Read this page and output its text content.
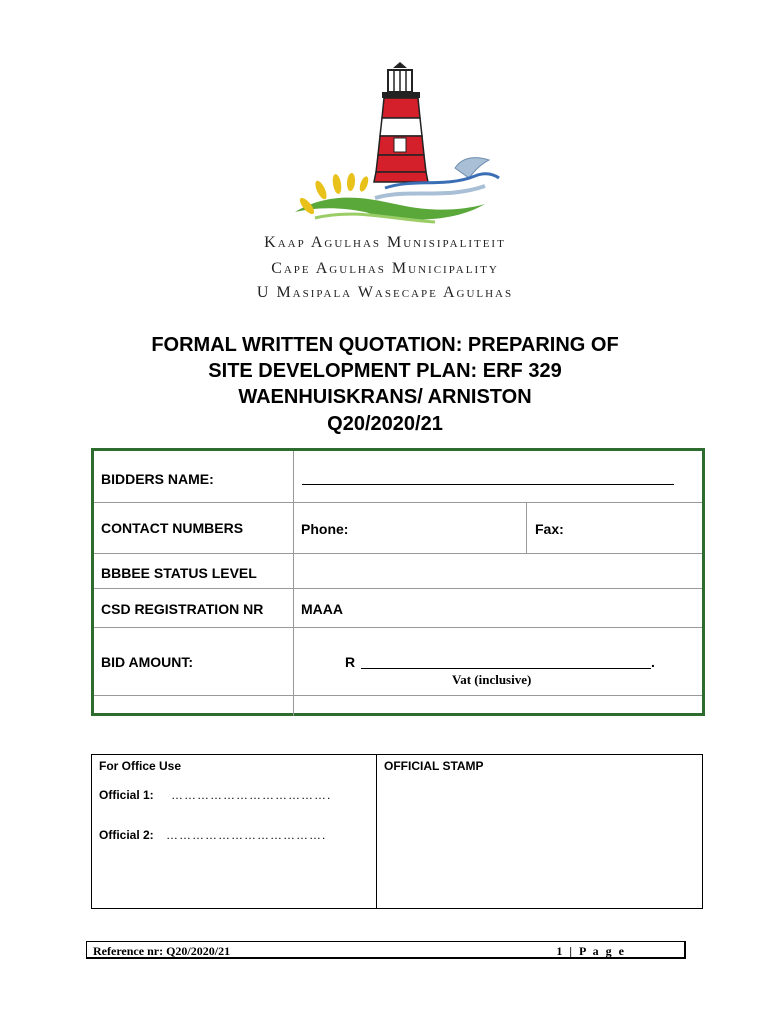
Kaap Agulhas Munisipaliteit
Cape Agulhas Municipality
U Masipala Wasecape Agulhas
FORMAL WRITTEN QUOTATION: PREPARING OF
SITE DEVELOPMENT PLAN: ERF 329
WAENHUISKRANS/ ARNISTON
Q20/2020/21
BIDDERS NAME:
CONTACT NUMBERS	Phone:	Fax:
BBBEE STATUS LEVEL
CSD REGISTRATION NR	MAAA
BID AMOUNT:	R	.
Vat (inclusive)
For Office Use
Official 1: ……………………………….
Official 2: ……………………………….
OFFICIAL STAMP
Reference nr: Q20/2020/21	1 | P a g e
